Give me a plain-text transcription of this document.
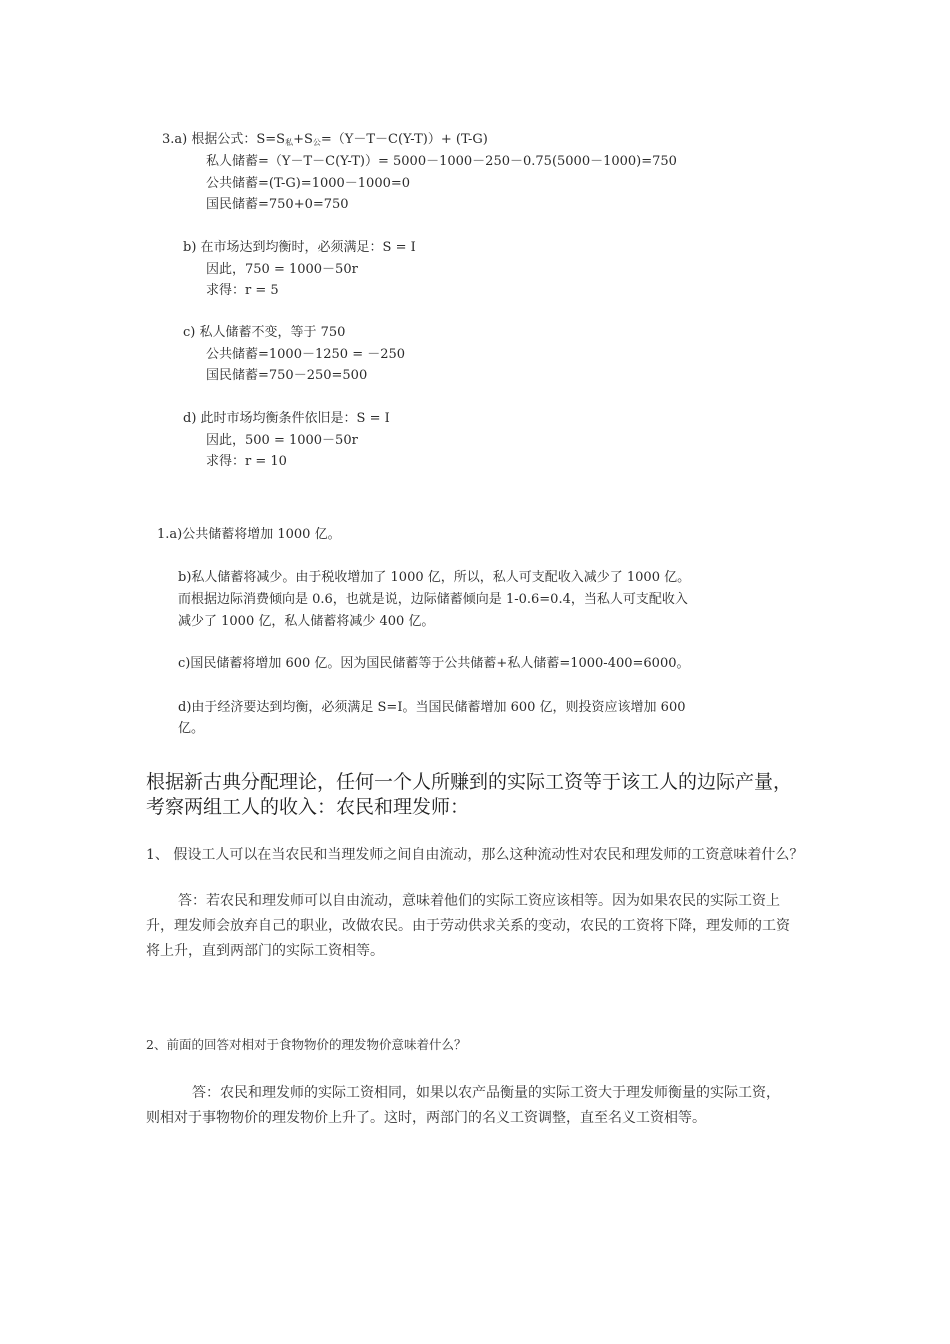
3.a) 根据公式：$S=S_私+S_公=(Y-T-C(Y-T))+ (T-G)$
私人储蓄=（Y－T－C(Y-T)）= 5000－1000－250－0.75(5000－1000)=750
公共储蓄=(T-G)=1000－1000=0
国民储蓄=750+0=750
b) 在市场达到均衡时，必须满足：S = I
因此，750 = 1000－50r
求得：r = 5
c) 私人储蓄不变，等于 750
公共储蓄=1000－1250 = －250
国民储蓄=750－250=500
d) 此时市场均衡条件依旧是：S = I
因此，500 = 1000－50r
求得：r = 10
1.a)公共储蓄将增加 1000 亿。
b)私人储蓄将减少。由于税收增加了 1000 亿，所以，私人可支配收入减少了 1000 亿。
而根据边际消费倾向是 0.6，也就是说，边际储蓄倾向是 1-0.6=0.4，当私人可支配收入
减少了 1000 亿，私人储蓄将减少 400 亿。
c)国民储蓄将增加 600 亿。因为国民储蓄等于公共储蓄+私人储蓄=1000-400=6000。
d)由于经济要达到均衡，必须满足 S=I。当国民储蓄增加 600 亿，则投资应该增加 600
亿。
根据新古典分配理论，任何一个人所赚到的实际工资等于该工人的边际产量，
考察两组工人的收入：农民和理发师：
1、 假设工人可以在当农民和当理发师之间自由流动，那么这种流动性对农民和理发师的工资意味着什么？
答：若农民和理发师可以自由流动，意味着他们的实际工资应该相等。因为如果农民的实际工资上
升，理发师会放弃自己的职业，改做农民。由于劳动供求关系的变动，农民的工资将下降，理发师的工资
将上升，直到两部门的实际工资相等。
2、前面的回答对相对于食物物价的理发物价意味着什么？
答：农民和理发师的实际工资相同，如果以农产品衡量的实际工资大于理发师衡量的实际工资，
则相对于事物物价的理发物价上升了。这时，两部门的名义工资调整，直至名义工资相等。
